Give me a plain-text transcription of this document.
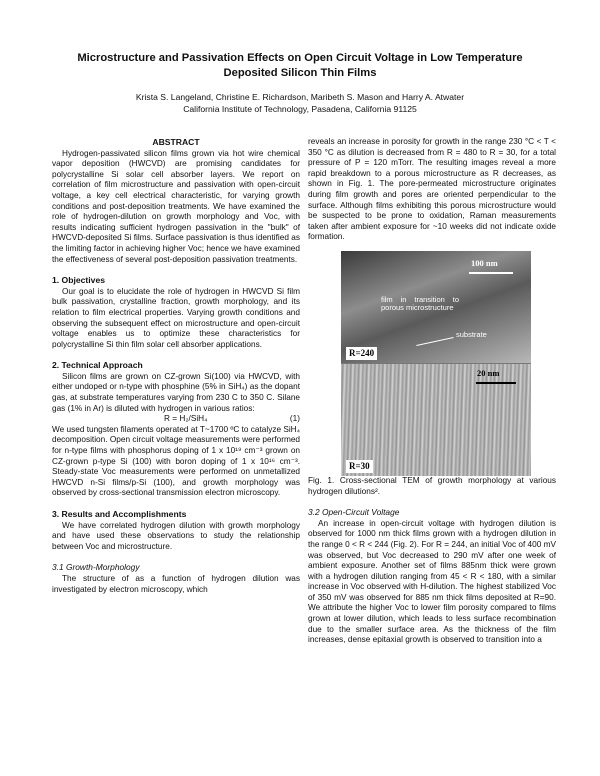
Microstructure and Passivation Effects on Open Circuit Voltage in Low Temperature
Deposited Silicon Thin Films
Krista S. Langeland, Christine E. Richardson, Maribeth S. Mason and Harry A. Atwater
California Institute of Technology, Pasadena, California 91125
ABSTRACT

Hydrogen-passivated silicon films grown via hot wire chemical vapor deposition (HWCVD) are promising candidates for polycrystalline Si solar cell absorber layers. We report on correlation of film microstructure and passivation with open-circuit voltage, a key cell electrical characteristic, for varying growth conditions and post-deposition treatments. We have examined the role of hydrogen-dilution on growth morphology and Voc, with results indicating sufficient hydrogen passivation in the "bulk" of HWCVD-deposited Si films. Surface passivation is thus identified as the limiting factor in achieving higher Voc; hence we have examined the effectiveness of several post-deposition passivation treatments.

1. Objectives

Our goal is to elucidate the role of hydrogen in HWCVD Si film bulk passivation, crystalline fraction, growth morphology, and its relation to film electrical properties. Varying growth conditions and observing the subsequent effect on microstructure and open-circuit voltage enables us to optimize these characteristics for polycrystalline Si thin film solar cell absorber applications.

2. Technical Approach

Silicon films are grown on CZ-grown Si(100) via HWCVD, with either undoped or n-type with phosphine (5% in SiH₄) as the dopant gas, at substrate temperatures varying from 230 C to 350 C. Silane gas (1% in Ar) is diluted with hydrogen in various ratios:

R = H₂/SiH₄	(1)

We used tungsten filaments operated at T~1700 ºC to catalyze SiH₄ decomposition. Open circuit voltage measurements were performed for n-type films with phosphorus doping of 1 x 10¹⁹ cm⁻³ grown on CZ-grown p-type Si (100) with boron doping of 1 x 10¹⁶ cm⁻³. Steady-state Voc measurements were performed on unmetallized HWCVD n-Si films/p-Si (100), and growth morphology was observed by cross-sectional transmission electron microscopy.

3. Results and Accomplishments

We have correlated hydrogen dilution with growth morphology and have used these observations to study the relationship between Voc and microstructure.

3.1 Growth-Morphology

The structure of as a function of hydrogen dilution was investigated by electron microscopy, which

reveals an increase in porosity for growth in the range 230 °C < T < 350 °C as dilution is decreased from R = 480 to R = 30, for a total pressure of P = 120 mTorr. The resulting images reveal a more rapid breakdown to a porous microstructure as R decreases, as shown in Fig. 1. The pore-permeated microstructure originates during film growth and pores are oriented perpendicular to the surface. Although films exhibiting this porous microstructure would be suspected to be prone to oxidation, Raman measurements taken after ambient exposure for ~10 weeks did not indicate oxide formation.

100 nm
film in transition to porous microstructure
substrate
R=240
20 nm
R=30

Fig. 1. Cross-sectional TEM of growth morphology at various hydrogen dilutions².

3.2 Open-Circuit Voltage

An increase in open-circuit voltage with hydrogen dilution is observed for 1000 nm thick films grown with a hydrogen dilution in the range 0 < R < 244 (Fig. 2). For R = 244, an initial Voc of 400 mV was observed, but Voc decreased to 290 mV after one week of ambient exposure. Another set of films 885nm thick were grown with a hydrogen dilution ranging from 45 < R < 180, with a similar increase in Voc observed with H-dilution. The highest stabilized Voc of 350 mV was observed for 885 nm thick films deposited at R=90. We attribute the higher Voc to lower film porosity compared to films grown at lower dilution, which leads to less surface recombination due to the smaller surface area. As the thickness of the film increases, dense epitaxial growth is observed to transition into a
